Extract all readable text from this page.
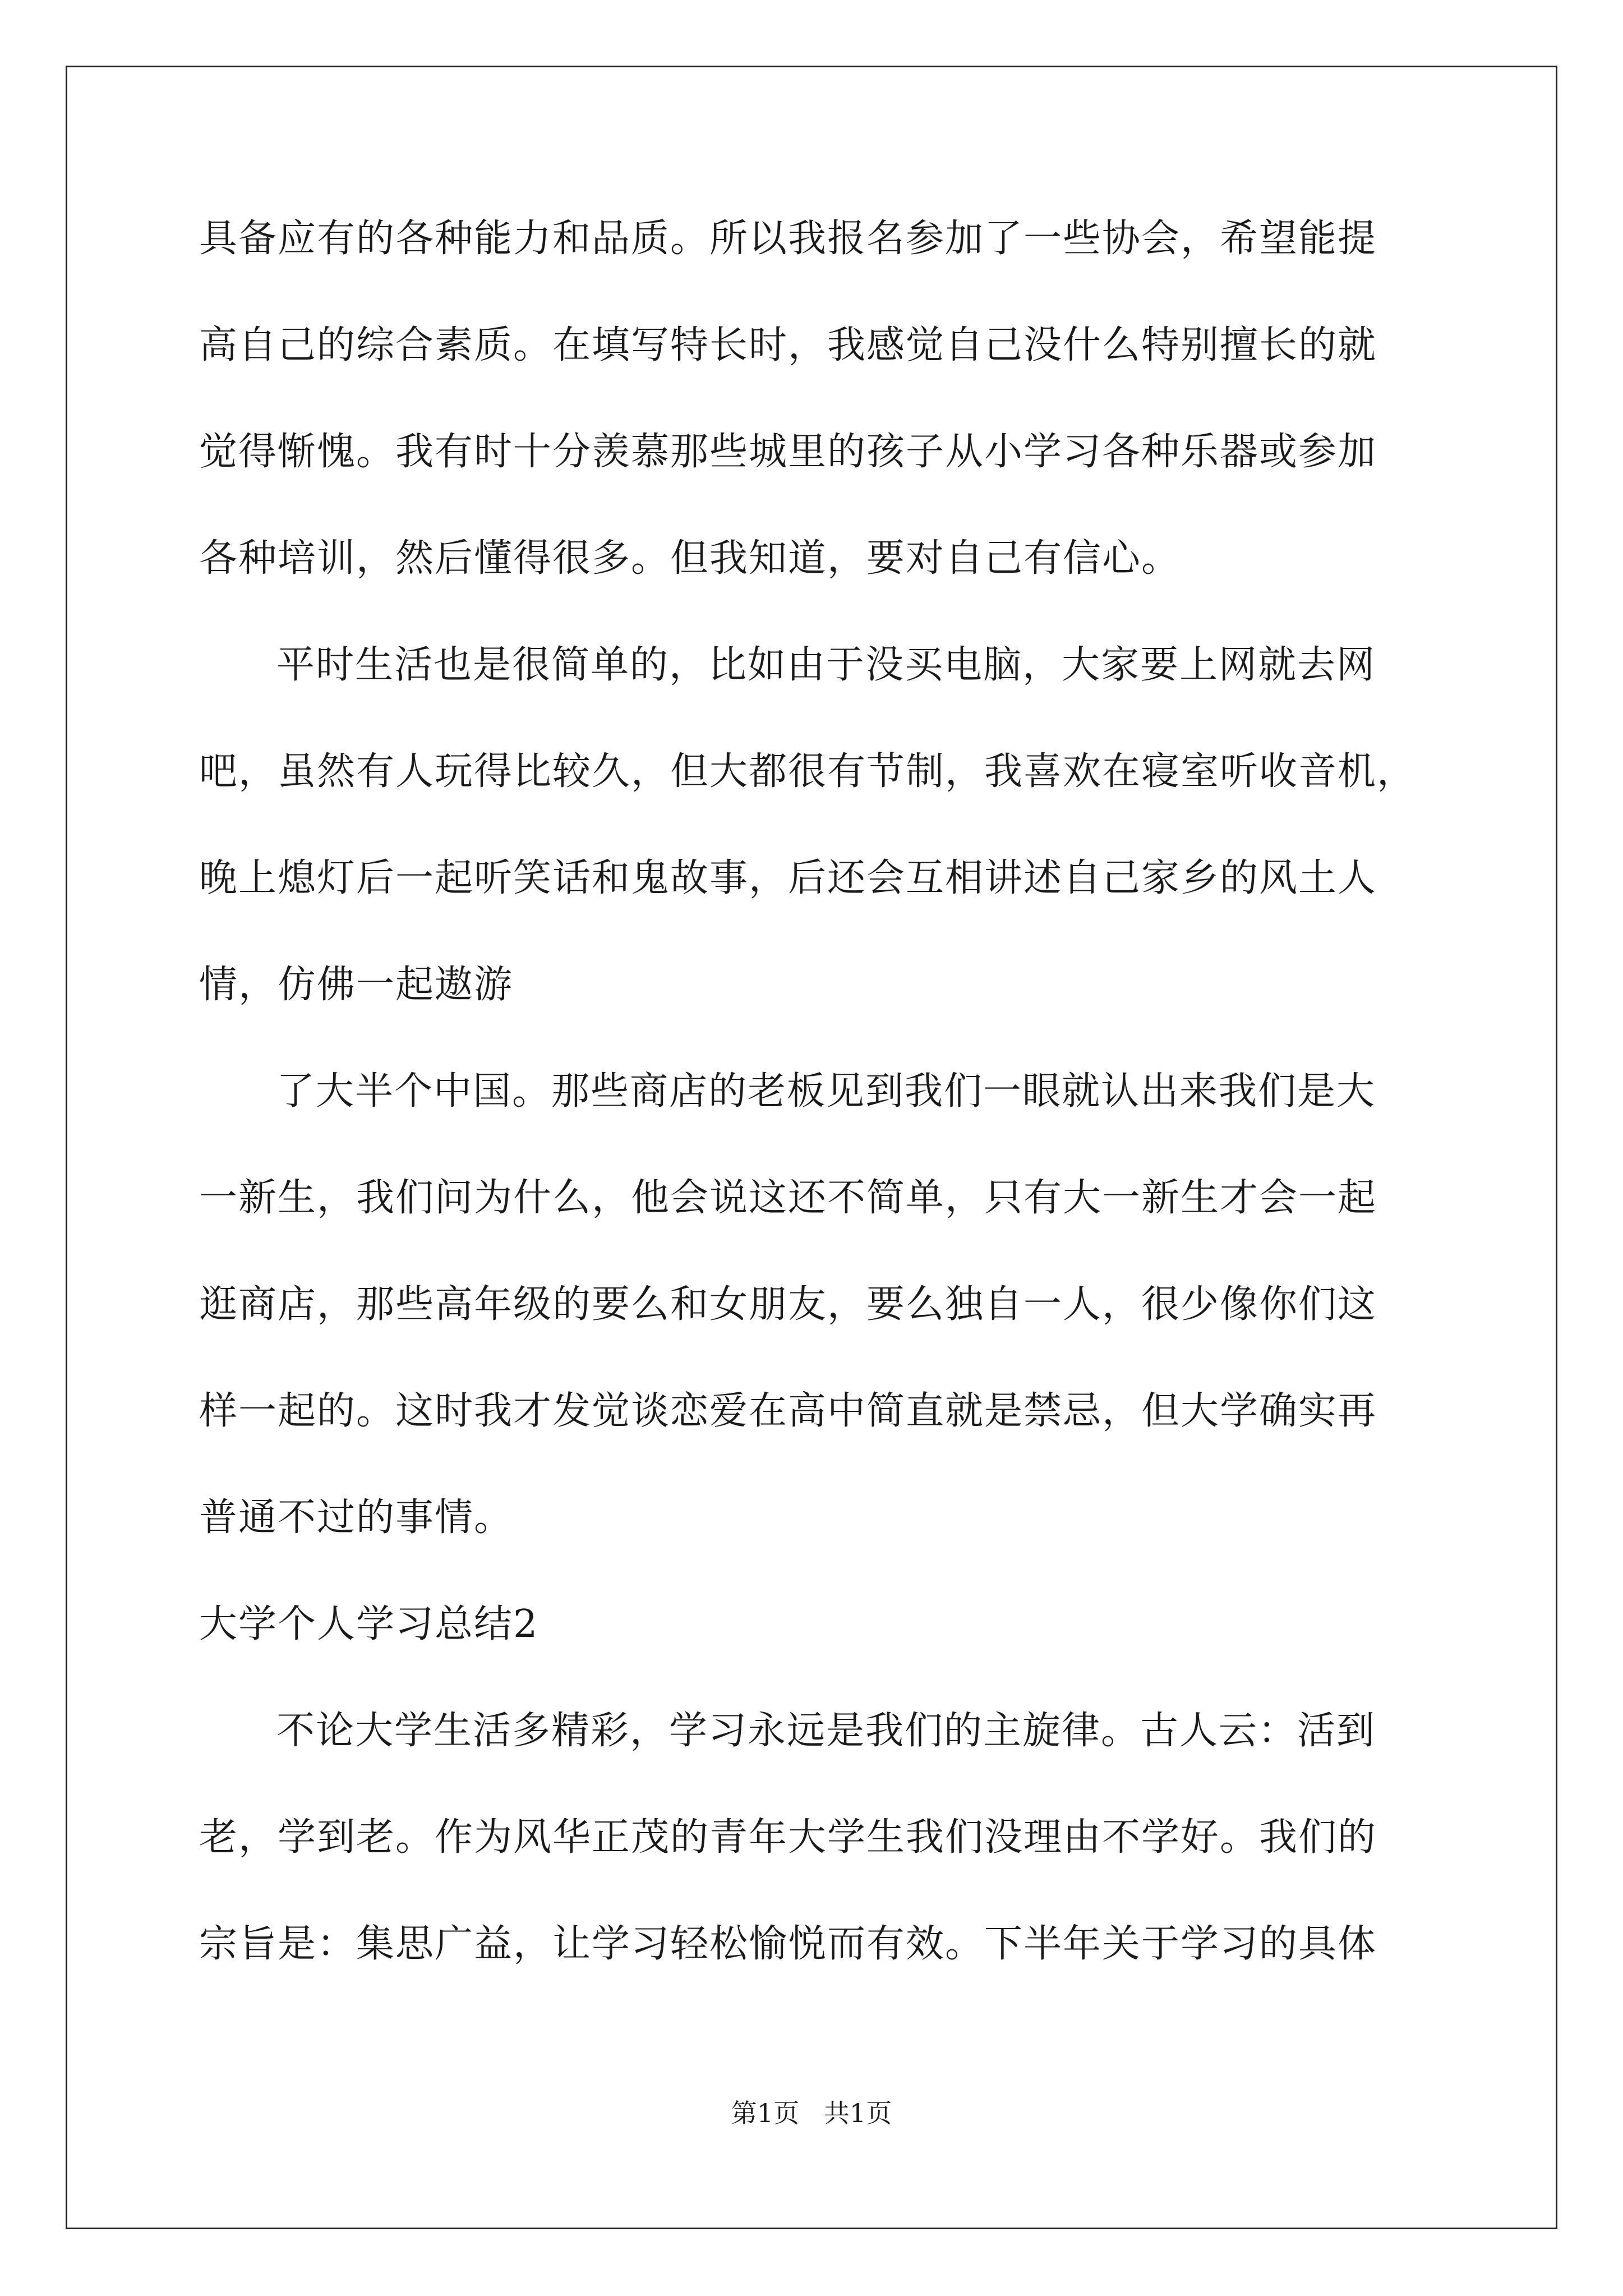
具备应有的各种能力和品质。所以我报名参加了一些协会，希望能提
高自己的综合素质。在填写特长时，我感觉自己没什么特别擅长的就
觉得惭愧。我有时十分羡慕那些城里的孩子从小学习各种乐器或参加
各种培训，然后懂得很多。但我知道，要对自己有信心。
平时生活也是很简单的，比如由于没买电脑，大家要上网就去网
吧，虽然有人玩得比较久，但大都很有节制，我喜欢在寝室听收音机，
晚上熄灯后一起听笑话和鬼故事，后还会互相讲述自己家乡的风土人
情，仿佛一起遨游
了大半个中国。那些商店的老板见到我们一眼就认出来我们是大
一新生，我们问为什么，他会说这还不简单，只有大一新生才会一起
逛商店，那些高年级的要么和女朋友，要么独自一人，很少像你们这
样一起的。这时我才发觉谈恋爱在高中简直就是禁忌，但大学确实再
普通不过的事情。
大学个人学习总结2
不论大学生活多精彩，学习永远是我们的主旋律。古人云：活到
老，学到老。作为风华正茂的青年大学生我们没理由不学好。我们的
宗旨是：集思广益，让学习轻松愉悦而有效。下半年关于学习的具体
第1页   共1页
